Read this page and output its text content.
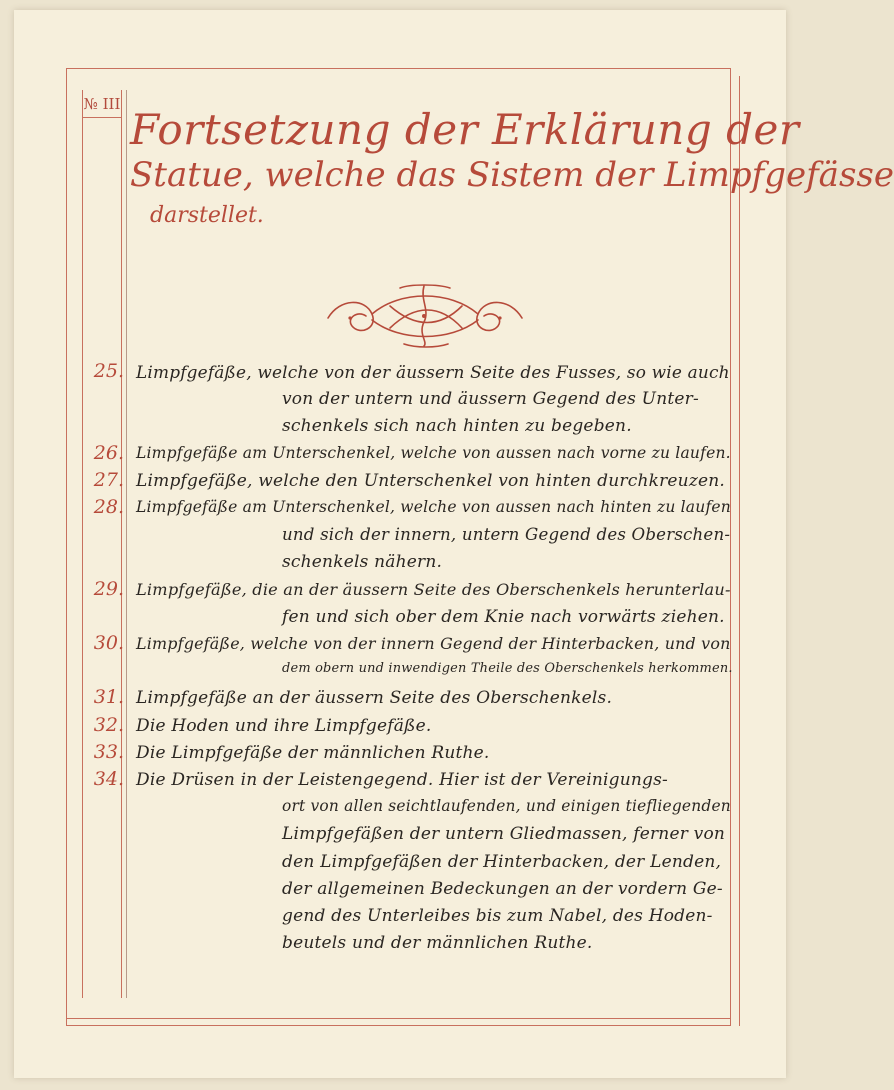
№ III
Fortsetzung der Erklärung der
Statue, welche das Sistem der Limpfgefässe
darstellet.
25. Limpfgefäße, welche von der äussern Seite des Fusses, so wie auch
von der untern und äussern Gegend des Unter-
schenkels sich nach hinten zu begeben.
26. Limpfgefäße am Unterschenkel, welche von aussen nach vorne zu laufen.
27. Limpfgefäße, welche den Unterschenkel von hinten durchkreuzen.
28. Limpfgefäße am Unterschenkel, welche von aussen nach hinten zu laufen
und sich der innern, untern Gegend des Oberschen-
schenkels nähern.
29. Limpfgefäße, die an der äussern Seite des Oberschenkels herunterlau-
fen und sich ober dem Knie nach vorwärts ziehen.
30. Limpfgefäße, welche von der innern Gegend der Hinterbacken, und von
dem obern und inwendigen Theile des Oberschenkels herkommen.
31. Limpfgefäße an der äussern Seite des Oberschenkels.
32. Die Hoden und ihre Limpfgefäße.
33. Die Limpfgefäße der männlichen Ruthe.
34. Die Drüsen in der Leistengegend. Hier ist der Vereinigungs-
ort von allen seichtlaufenden, und einigen tiefliegenden
Limpfgefäßen der untern Gliedmassen, ferner von
den Limpfgefäßen der Hinterbacken, der Lenden,
der allgemeinen Bedeckungen an der vordern Ge-
gend des Unterleibes bis zum Nabel, des Hoden-
beutels und der männlichen Ruthe.
